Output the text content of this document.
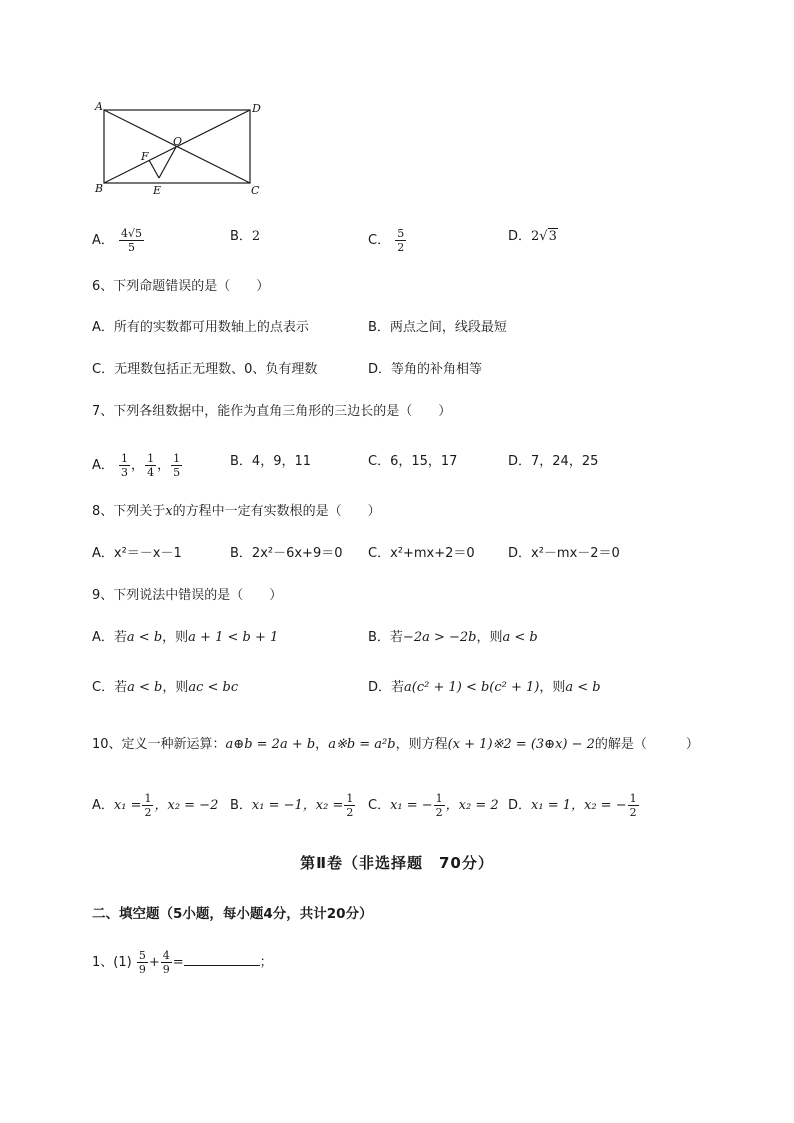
A	D
B	C
O
F
E
A． $\frac{4√5}{5}$	B．2	C． $\frac{5}{2}$	D．2√3
6、下列命题错误的是（　　）
A．所有的实数都可用数轴上的点表示	B．两点之间，线段最短
C．无理数包括正无理数、0、负有理数	D．等角的补角相等
7、下列各组数据中，能作为直角三角形的三边长的是（　　）
A． $\frac{1}{3}$ ， $\frac{1}{4}$ ， $\frac{1}{5}$	B．4，9，11	C．6，15，17	D．7，24，25
8、下列关于x的方程中一定有实数根的是（　　）
A．x²＝－x－1	B．2x²－6x+9＝0 C．x²+mx+2＝0	D．x²－mx－2＝0
9、下列说法中错误的是（　　）
A．若a < b，则a + 1 < b + 1	B．若−2a > −2b，则a < b
C．若a < b，则ac < bc	D．若a(c² + 1) < b(c² + 1)，则a < b
10、定义一种新运算：a⊕b = 2a + b，a※b = a²b，则方程(x + 1)※2 = (3⊕x) − 2的解是（　　　）
A．$x_1 = \frac{1}{2}$ ，x₂ = −2 B．x₁ = −1，$x_2 = \frac{1}{2}$ C．x₁ = − $\frac{1}{2}$ ，x₂ = 2 D．x₁ = 1，x₂ = − $\frac{1}{2}$
第Ⅱ卷（非选择题　70分）
二、填空题（5小题，每小题4分，共计20分）
1、$(1) \frac{5}{9} + \frac{4}{9}$ =	；
